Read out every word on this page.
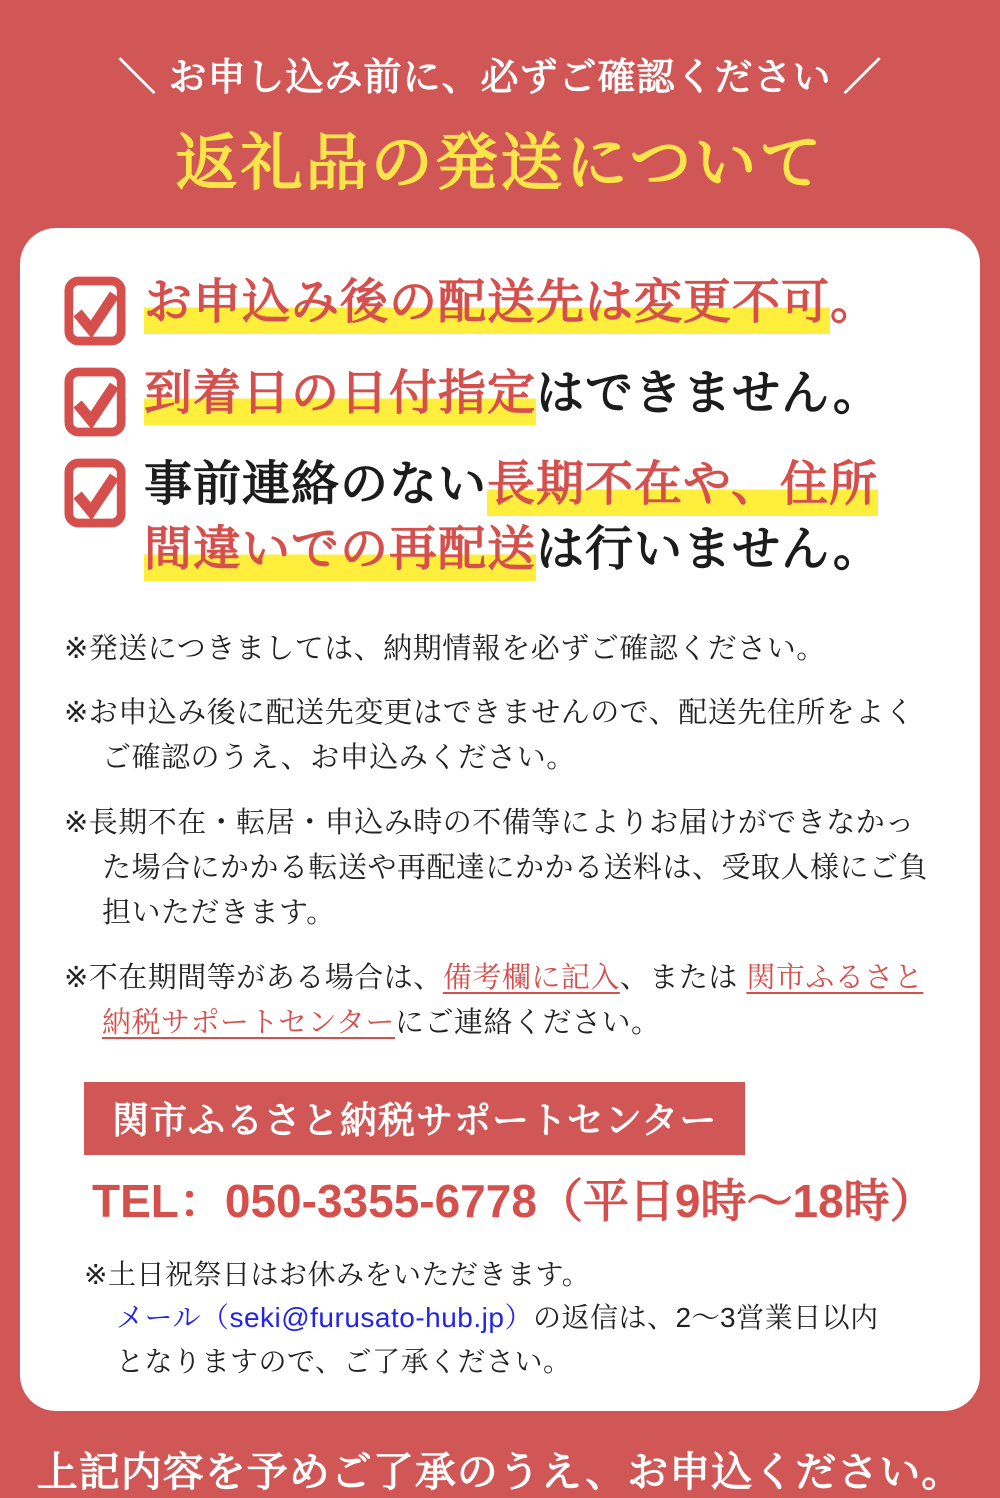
＼ お申し込み前に、必ずご確認ください ／
返礼品の発送について
お申込み後の配送先は変更不可。
到着日の日付指定はできません。
事前連絡のない長期不在や、住所
間違いでの再配送は行いません。

※発送につきましては、納期情報を必ずご確認ください。

※お申込み後に配送先変更はできませんので、配送先住所をよくご確認のうえ、お申込みください。

※長期不在・転居・申込み時の不備等によりお届けができなかった場合にかかる転送や再配達にかかる送料は、受取人様にご負担いただきます。

※不在期間等がある場合は、備考欄に記入、または 関市ふるさと納税サポートセンターにご連絡ください。

関市ふるさと納税サポートセンター
TEL：050-3355-6778（平日9時～18時）
※土日祝祭日はお休みをいただきます。
メール（seki@furusato-hub.jp）の返信は、2～3営業日以内
となりますので、ご了承ください。
上記内容を予めご了承のうえ、お申込ください。
